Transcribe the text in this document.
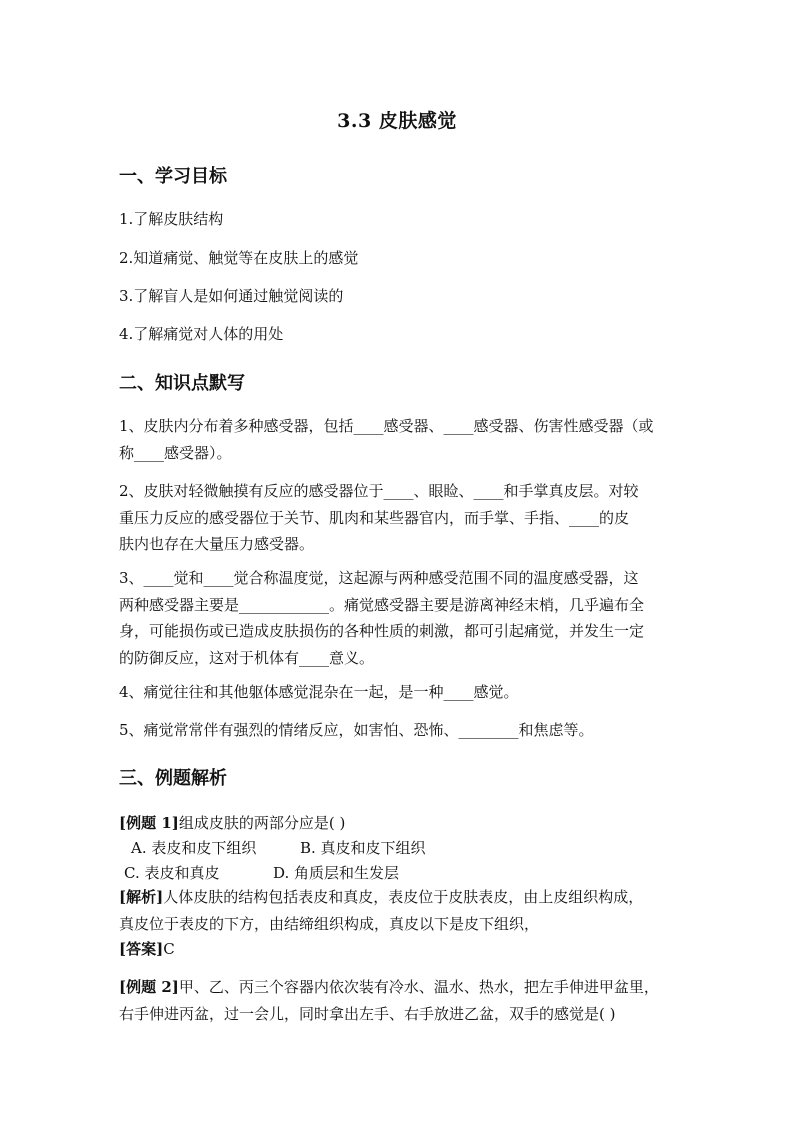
3.3 皮肤感觉
一、学习目标
1.了解皮肤结构
2.知道痛觉、触觉等在皮肤上的感觉
3.了解盲人是如何通过触觉阅读的
4.了解痛觉对人体的用处
二、知识点默写
1、皮肤内分布着多种感受器，包括____感受器、____感受器、伤害性感受器（或
称____感受器）。
2、皮肤对轻微触摸有反应的感受器位于____、眼睑、____和手掌真皮层。对较
重压力反应的感受器位于关节、肌肉和某些器官内，而手掌、手指、____的皮
肤内也存在大量压力感受器。
3、____觉和____觉合称温度觉，这起源与两种感受范围不同的温度感受器，这
两种感受器主要是____________。痛觉感受器主要是游离神经末梢，几乎遍布全
身，可能损伤或已造成皮肤损伤的各种性质的刺激，都可引起痛觉，并发生一定
的防御反应，这对于机体有____意义。
4、痛觉往往和其他躯体感觉混杂在一起，是一种____感觉。
5、痛觉常常伴有强烈的情绪反应，如害怕、恐怖、________和焦虑等。
三、例题解析
[例题 1]组成皮肤的两部分应是( )
A. 表皮和皮下组织	B. 真皮和皮下组织
C. 表皮和真皮	D. 角质层和生发层
[解析]人体皮肤的结构包括表皮和真皮，表皮位于皮肤表皮，由上皮组织构成，
真皮位于表皮的下方，由结缔组织构成，真皮以下是皮下组织，
[答案]C
[例题 2]甲、乙、丙三个容器内依次装有冷水、温水、热水，把左手伸进甲盆里，
右手伸进丙盆，过一会儿，同时拿出左手、右手放进乙盆，双手的感觉是( )
